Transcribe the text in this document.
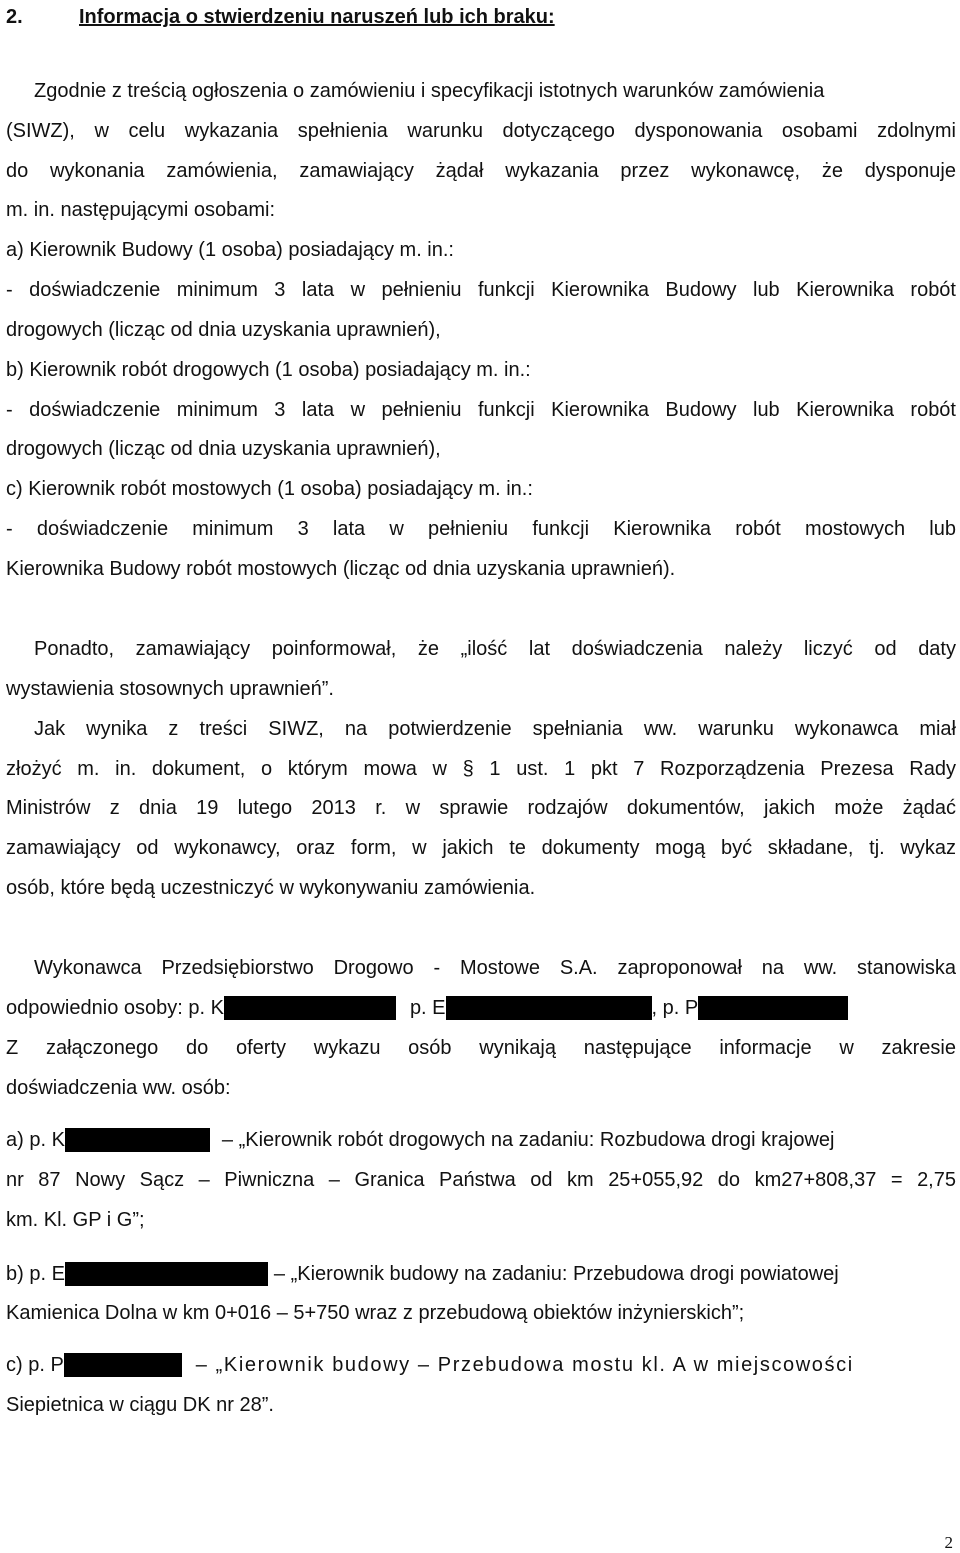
2.	Informacja o stwierdzeniu naruszeń lub ich braku:
Zgodnie z treścią ogłoszenia o zamówieniu i specyfikacji istotnych warunków zamówienia
(SIWZ), w celu wykazania spełnienia warunku dotyczącego dysponowania osobami zdolnymi
do wykonania zamówienia, zamawiający żądał wykazania przez wykonawcę, że dysponuje
m. in. następującymi osobami:
a) Kierownik Budowy (1 osoba) posiadający m. in.:
- doświadczenie minimum 3 lata w pełnieniu funkcji Kierownika Budowy lub Kierownika robót
drogowych (licząc od dnia uzyskania uprawnień),
b) Kierownik robót drogowych (1 osoba) posiadający m. in.:
- doświadczenie minimum 3 lata w pełnieniu funkcji Kierownika Budowy lub Kierownika robót
drogowych (licząc od dnia uzyskania uprawnień),
c) Kierownik robót mostowych (1 osoba) posiadający m. in.:
- doświadczenie minimum 3 lata w pełnieniu funkcji Kierownika robót mostowych lub
Kierownika Budowy robót mostowych (licząc od dnia uzyskania uprawnień).
Ponadto, zamawiający poinformował, że „ilość lat doświadczenia należy liczyć od daty
wystawienia stosownych uprawnień”.
Jak wynika z treści SIWZ, na potwierdzenie spełniania ww. warunku wykonawca miał
złożyć m. in. dokument, o którym mowa w § 1 ust. 1 pkt 7 Rozporządzenia Prezesa Rady
Ministrów z dnia 19 lutego 2013 r. w sprawie rodzajów dokumentów, jakich może żądać
zamawiający od wykonawcy, oraz form, w jakich te dokumenty mogą być składane, tj. wykaz
osób, które będą uczestniczyć w wykonywaniu zamówienia.
Wykonawca Przedsiębiorstwo Drogowo - Mostowe S.A. zaproponował na ww. stanowiska
odpowiednio osoby: p. K	p. E	, p. P
Z załączonego do oferty wykazu osób wynikają następujące informacje w zakresie
doświadczenia ww. osób:
a) p. K	– „Kierownik robót drogowych na zadaniu: Rozbudowa drogi krajowej
nr 87 Nowy Sącz – Piwniczna – Granica Państwa od km 25+055,92 do km27+808,37 = 2,75
km. Kl. GP i G”;
b) p. E	– „Kierownik budowy na zadaniu: Przebudowa drogi powiatowej
Kamienica Dolna w km 0+016 – 5+750 wraz z przebudową obiektów inżynierskich”;
c) p. P	– „Kierownik budowy – Przebudowa mostu kl. A w miejscowości
Siepietnica w ciągu DK nr 28”.
2
